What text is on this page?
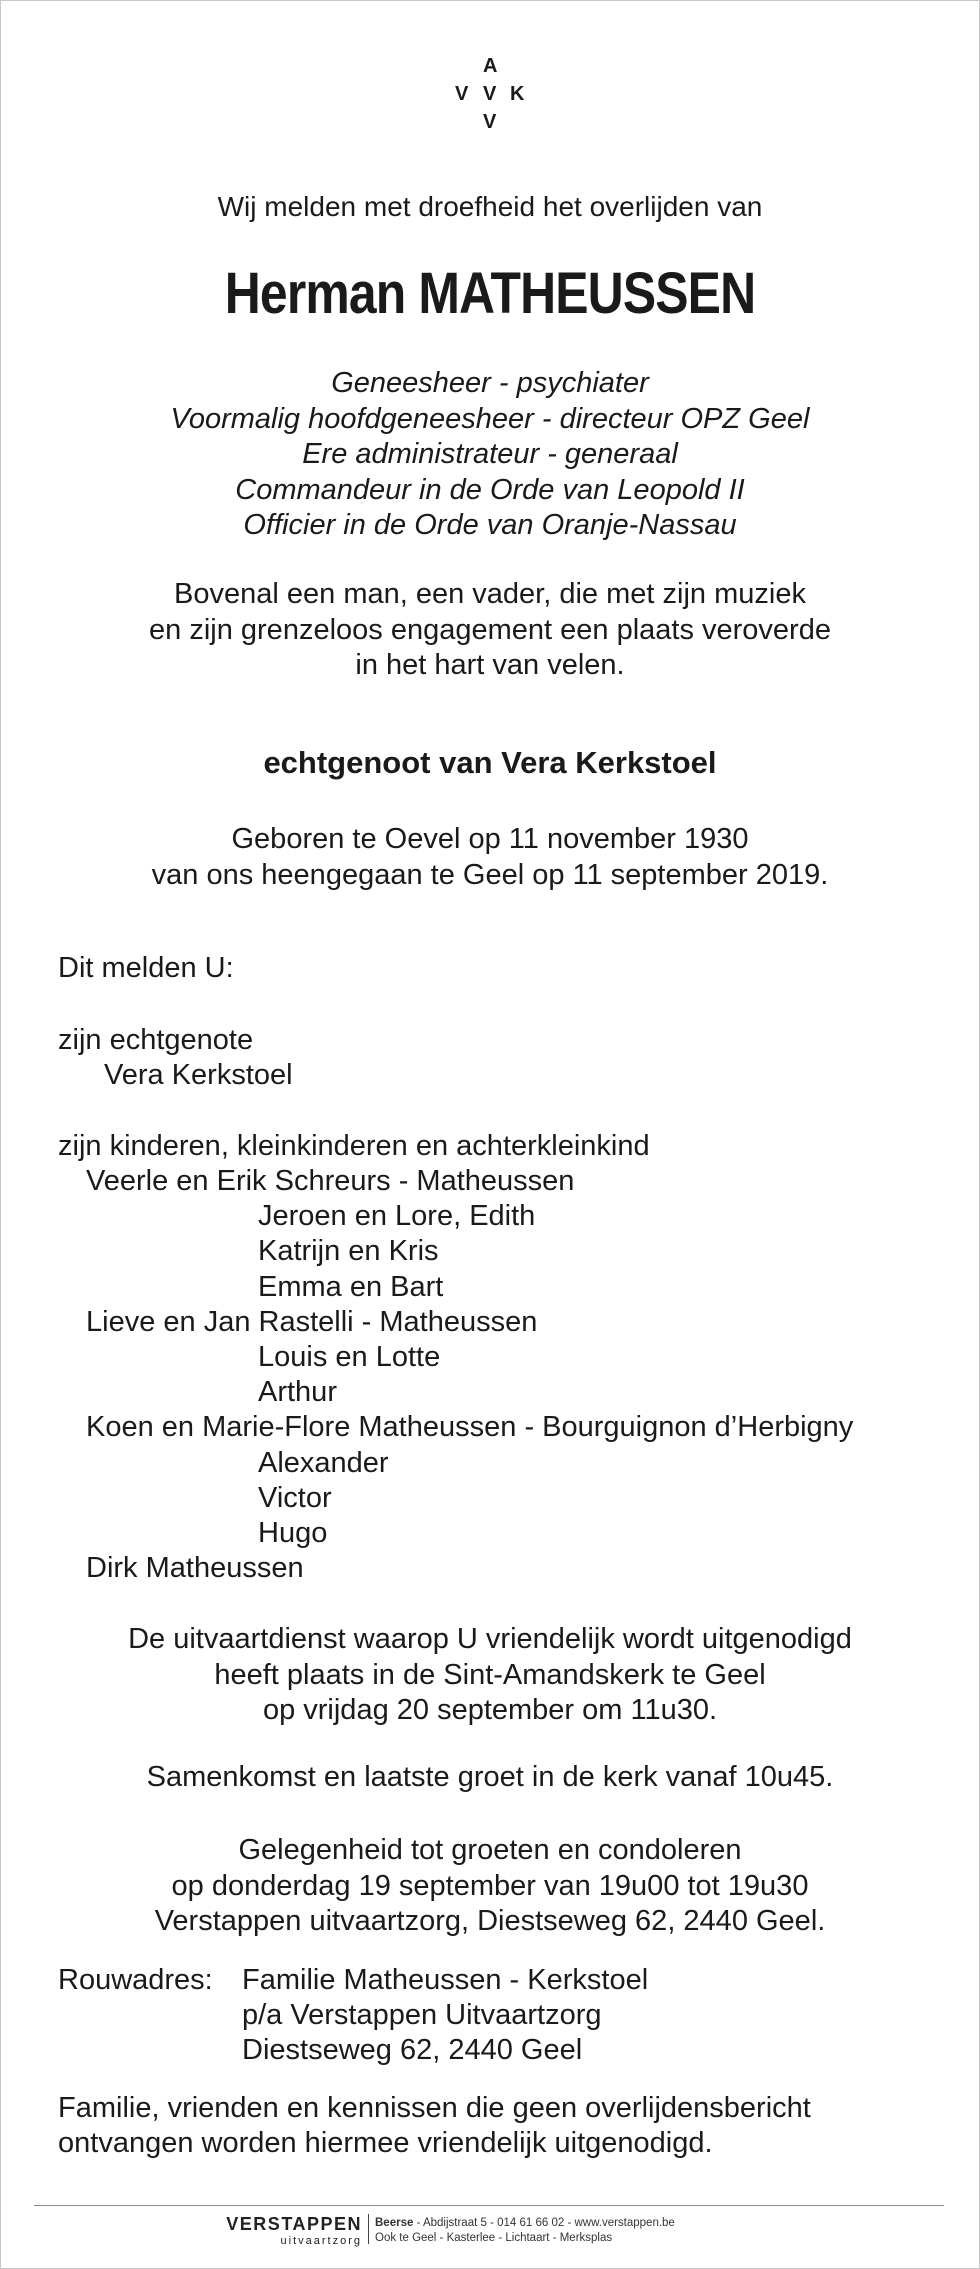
A
V V K
V
Wij melden met droefheid het overlijden van
Herman MATHEUSSEN
Geneesheer - psychiater
Voormalig hoofdgeneesheer - directeur OPZ Geel
Ere administrateur - generaal
Commandeur in de Orde van Leopold II
Officier in de Orde van Oranje-Nassau
Bovenal een man, een vader, die met zijn muziek
en zijn grenzeloos engagement een plaats veroverde
in het hart van velen.
echtgenoot van Vera Kerkstoel
Geboren te Oevel op 11 november 1930
van ons heengegaan te Geel op 11 september 2019.
Dit melden U:
zijn echtgenote
Vera Kerkstoel
zijn kinderen, kleinkinderen en achterkleinkind
Veerle en Erik Schreurs - Matheussen
Jeroen en Lore, Edith
Katrijn en Kris
Emma en Bart
Lieve en Jan Rastelli - Matheussen
Louis en Lotte
Arthur
Koen en Marie-Flore Matheussen - Bourguignon d’Herbigny
Alexander
Victor
Hugo
Dirk Matheussen
De uitvaartdienst waarop U vriendelijk wordt uitgenodigd
heeft plaats in de Sint-Amandskerk te Geel
op vrijdag 20 september om 11u30.
Samenkomst en laatste groet in de kerk vanaf 10u45.
Gelegenheid tot groeten en condoleren
op donderdag 19 september van 19u00 tot 19u30
Verstappen uitvaartzorg, Diestseweg 62, 2440 Geel.
Rouwadres: Familie Matheussen - Kerkstoel
p/a Verstappen Uitvaartzorg
Diestseweg 62, 2440 Geel
Familie, vrienden en kennissen die geen overlijdensbericht
ontvangen worden hiermee vriendelijk uitgenodigd.
VERSTAPPEN
uitvaartzorg
Beerse - Abdijstraat 5 - 014 61 66 02 - www.verstappen.be
Ook te Geel - Kasterlee - Lichtaart - Merksplas
